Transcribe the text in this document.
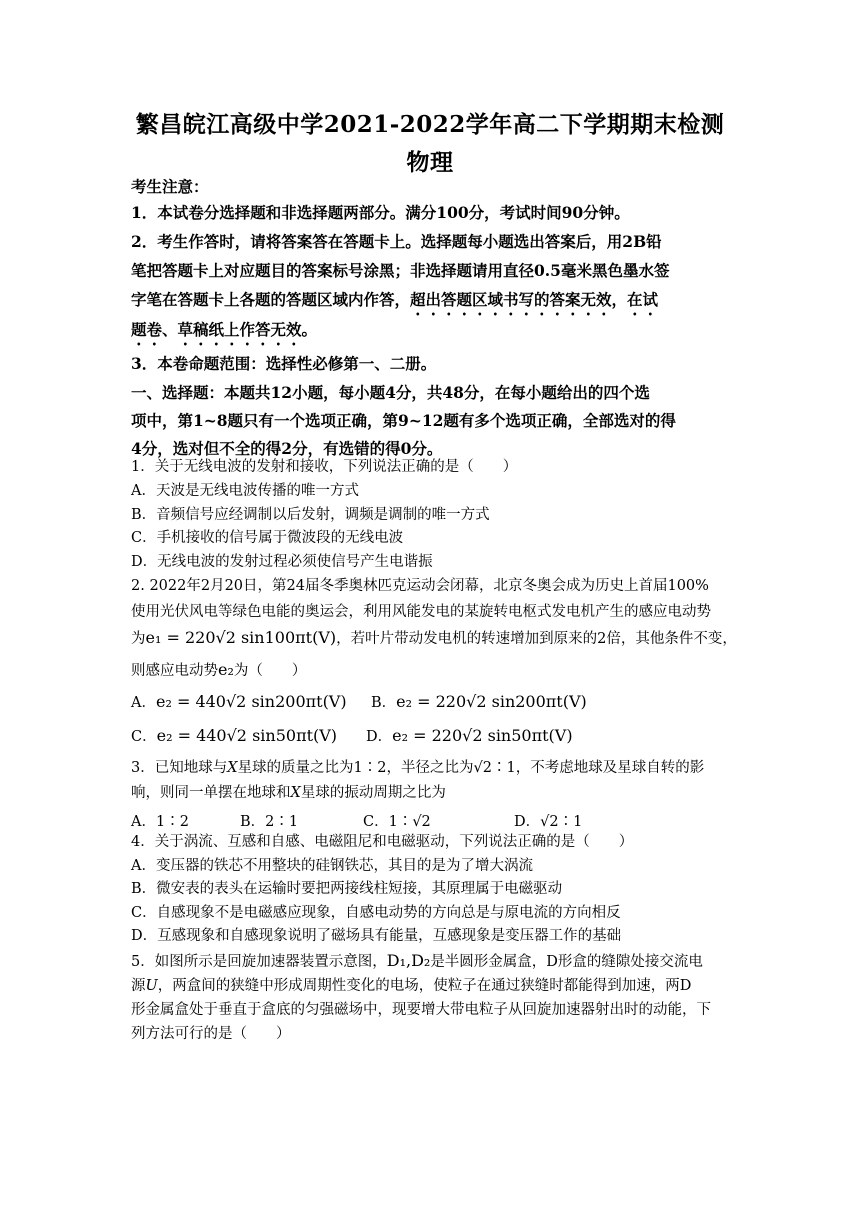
繁昌皖江高级中学2021-2022学年高二下学期期末检测
物理
考生注意：
1．本试卷分选择题和非选择题两部分。满分100分，考试时间90分钟。
2．考生作答时，请将答案答在答题卡上。选择题每小题选出答案后，用2B铅
笔把答题卡上对应题目的答案标号涂黑；非选择题请用直径0.5毫米黑色墨水签
字笔在答题卡上各题的答题区域内作答，超出答题区域书写的答案无效，在试
题卷、草稿纸上作答无效。
3．本卷命题范围：选择性必修第一、二册。
一、选择题：本题共12小题，每小题4分，共48分，在每小题给出的四个选
项中，第1~8题只有一个选项正确，第9~12题有多个选项正确，全部选对的得
4分，选对但不全的得2分，有选错的得0分。
1．关于无线电波的发射和接收，下列说法正确的是（　　）
A．天波是无线电波传播的唯一方式
B．音频信号应经调制以后发射，调频是调制的唯一方式
C．手机接收的信号属于微波段的无线电波
D．无线电波的发射过程必须使信号产生电谐振
2. 2022年2月20日，第24届冬季奥林匹克运动会闭幕，北京冬奥会成为历史上首届100%
使用光伏风电等绿色电能的奥运会，利用风能发电的某旋转电枢式发电机产生的感应电动势
为e₁ = 220√2 sin100πt(V)，若叶片带动发电机的转速增加到原来的2倍，其他条件不变，
则感应电动势e₂为（　　）
A．e₂ = 440√2 sin200πt(V) B．e₂ = 220√2 sin200πt(V)
C．e₂ = 440√2 sin50πt(V) D．e₂ = 220√2 sin50πt(V)
3．已知地球与X星球的质量之比为1∶2，半径之比为√2∶1，不考虑地球及星球自转的影
响，则同一单摆在地球和X星球的振动周期之比为
A．1∶2	B．2∶1	C．1∶√2	D．√2∶1
4．关于涡流、互感和自感、电磁阻尼和电磁驱动，下列说法正确的是（　　）
A．变压器的铁芯不用整块的硅钢铁芯，其目的是为了增大涡流
B．微安表的表头在运输时要把两接线柱短接，其原理属于电磁驱动
C．自感现象不是电磁感应现象，自感电动势的方向总是与原电流的方向相反
D．互感现象和自感现象说明了磁场具有能量，互感现象是变压器工作的基础
5．如图所示是回旋加速器装置示意图，D₁,D₂是半圆形金属盒，D形盒的缝隙处接交流电
源U，两盒间的狭缝中形成周期性变化的电场，使粒子在通过狭缝时都能得到加速，两D
形金属盒处于垂直于盒底的匀强磁场中，现要增大带电粒子从回旋加速器射出时的动能，下
列方法可行的是（　　）
